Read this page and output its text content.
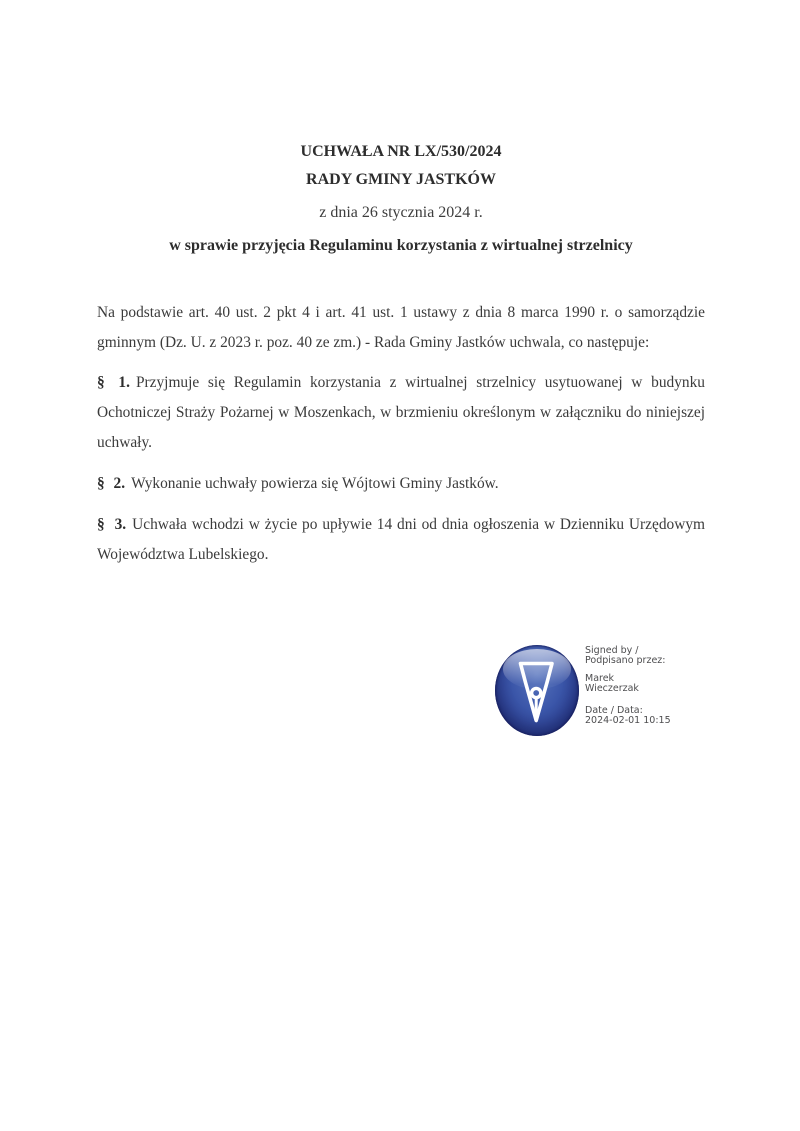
UCHWAŁA NR LX/530/2024
RADY GMINY JASTKÓW
z dnia 26 stycznia 2024 r.
w sprawie przyjęcia Regulaminu korzystania z wirtualnej strzelnicy

Na podstawie art. 40 ust. 2 pkt 4 i art. 41 ust. 1 ustawy z dnia 8 marca 1990 r. o samorządzie gminnym (Dz. U. z 2023 r. poz. 40 ze zm.) - Rada Gminy Jastków uchwala, co następuje:

§ 1. Przyjmuje się Regulamin korzystania z wirtualnej strzelnicy usytuowanej w budynku Ochotniczej Straży Pożarnej w Moszenkach, w brzmieniu określonym w załączniku do niniejszej uchwały.

§ 2. Wykonanie uchwały powierza się Wójtowi Gminy Jastków.

§ 3. Uchwała wchodzi w życie po upływie 14 dni od dnia ogłoszenia w Dzienniku Urzędowym Województwa Lubelskiego.

Signed by /
Podpisano przez:
Marek
Wieczerzak
Date / Data:
2024-02-01 10:15
